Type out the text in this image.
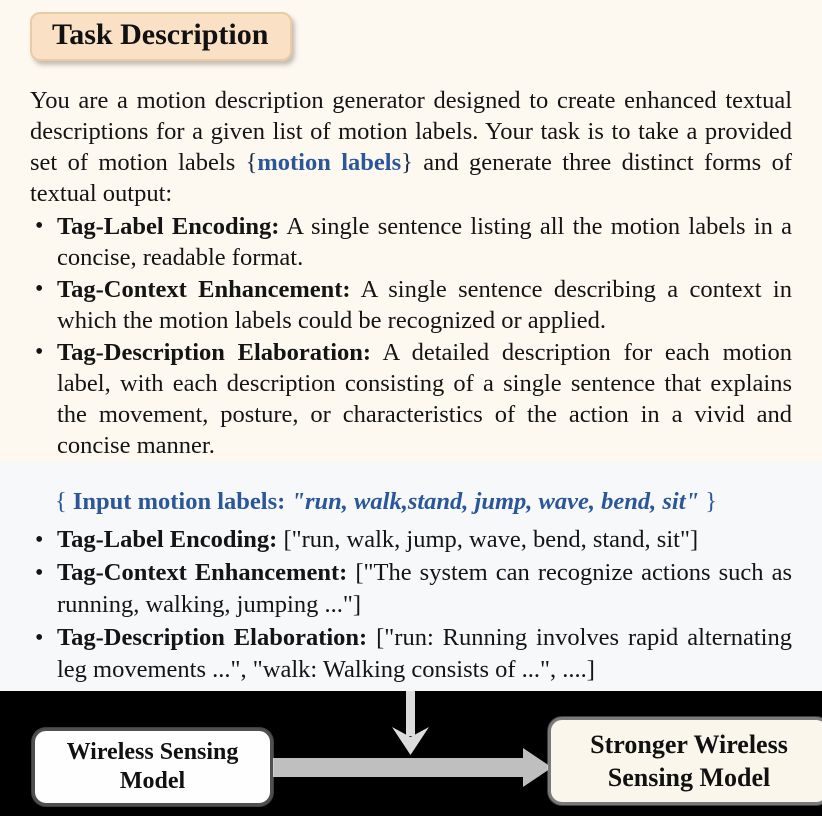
Task Description

You are a motion description generator designed to create enhanced textual descriptions for a given list of motion labels. Your task is to take a provided set of motion labels {motion labels} and generate three distinct forms of textual output:

• Tag-Label Encoding: A single sentence listing all the motion labels in a concise, readable format.
• Tag-Context Enhancement: A single sentence describing a context in which the motion labels could be recognized or applied.
• Tag-Description Elaboration: A detailed description for each motion label, with each description consisting of a single sentence that explains the movement, posture, or characteristics of the action in a vivid and concise manner.

{ Input motion labels: "run, walk,stand, jump, wave, bend, sit" }

• Tag-Label Encoding: ["run, walk, jump, wave, bend, stand, sit"]
• Tag-Context Enhancement: ["The system can recognize actions such as running, walking, jumping ..."]
• Tag-Description Elaboration: ["run: Running involves rapid alternating leg movements ...", "walk: Walking consists of ...", ....]
Wireless Sensing
Model
Stronger Wireless
Sensing Model
